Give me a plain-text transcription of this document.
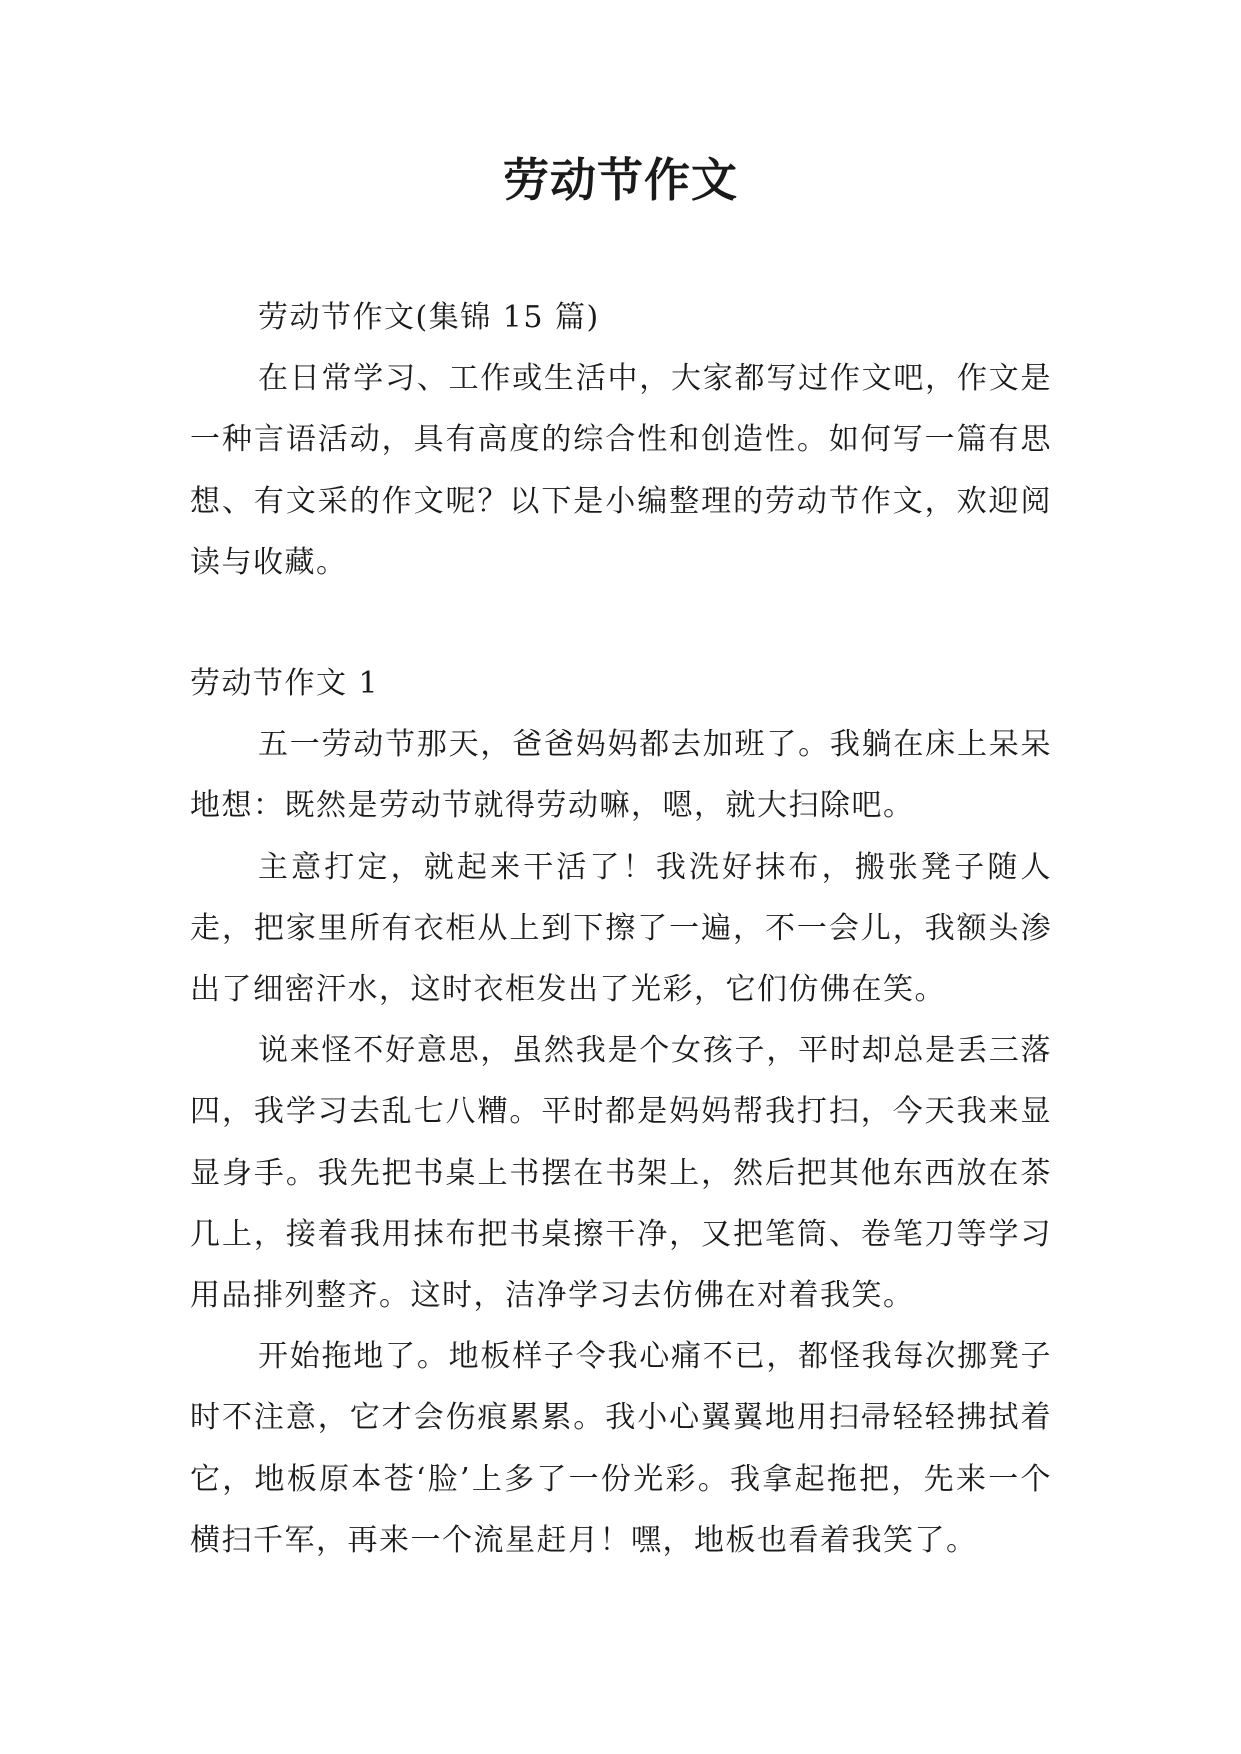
劳动节作文

劳动节作文(集锦 15 篇)

在日常学习、工作或生活中，大家都写过作文吧，作文是一种言语活动，具有高度的综合性和创造性。如何写一篇有思想、有文采的作文呢？以下是小编整理的劳动节作文，欢迎阅读与收藏。

劳动节作文 1

五一劳动节那天，爸爸妈妈都去加班了。我躺在床上呆呆地想：既然是劳动节就得劳动嘛，嗯，就大扫除吧。

主意打定，就起来干活了！我洗好抹布，搬张凳子随人走，把家里所有衣柜从上到下擦了一遍，不一会儿，我额头渗出了细密汗水，这时衣柜发出了光彩，它们仿佛在笑。

说来怪不好意思，虽然我是个女孩子，平时却总是丢三落四，我学习去乱七八糟。平时都是妈妈帮我打扫，今天我来显显身手。我先把书桌上书摆在书架上，然后把其他东西放在茶几上，接着我用抹布把书桌擦干净，又把笔筒、卷笔刀等学习用品排列整齐。这时，洁净学习去仿佛在对着我笑。

开始拖地了。地板样子令我心痛不已，都怪我每次挪凳子时不注意，它才会伤痕累累。我小心翼翼地用扫帚轻轻拂拭着它，地板原本苍‘脸’上多了一份光彩。我拿起拖把，先来一个横扫千军，再来一个流星赶月！嘿，地板也看着我笑了。
